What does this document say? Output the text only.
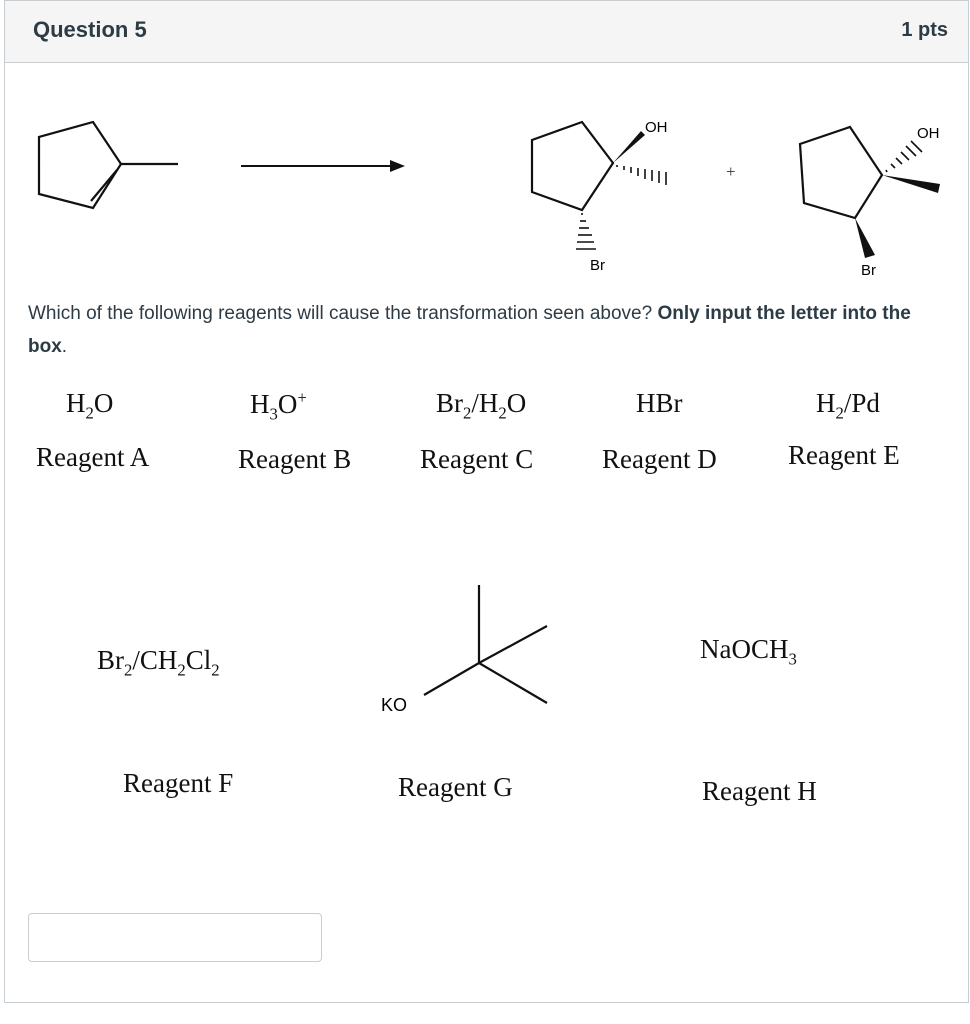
Question 5	1 pts
OH
Br
+
OH
Br
KO
Which of the following reagents will cause the transformation seen above? Only input the letter into the box.
$H_2O$
Reagent A
$H_3O^+$
Reagent B
$Br_2/H_2O$
Reagent C
HBr
Reagent D
$H_2/Pd$
Reagent E
$Br_2/CH_2Cl_2$
Reagent F	Reagent G
NaOCH$_3$
Reagent H
